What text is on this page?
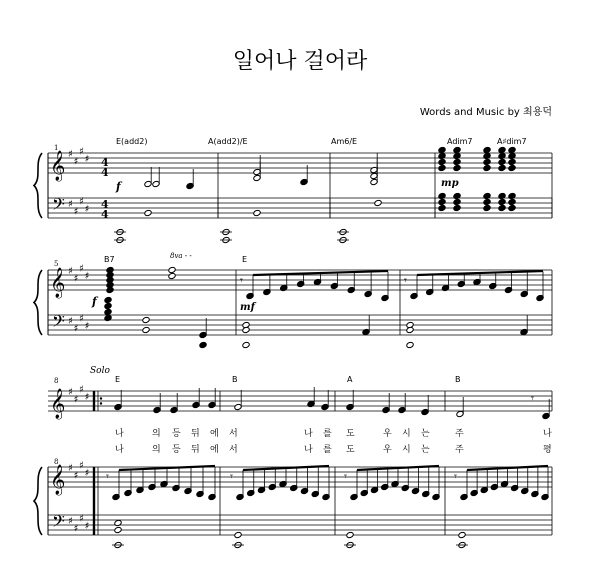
일어나 걸어라
Words and Music by 최용덕
𝄞
𝄢
♯
♯
♯
♯
♯
♯
♯
♯ 4
4
𝄞
𝄢
♯
♯
♯
♯
♯
♯
♯
♯
𝄞 ♯
♯
♯
♯
𝄞
𝄢
♯
♯
♯
♯
♯
♯
♯
♯
𝄾	𝄾
𝄾
𝄾	𝄾	𝄾	𝄾
1
4
4
E(add2)	A(add2)/E	Am6/E	Adim7	A♯dim7
f	mp
5	B7	E
8va - -
f	mf
Solo
8
8
E	B	A	B
나	의 등 뒤 에 서	나 를 도	우 시 는	주	나
나	의 등 뒤 에 서	나 를 도	우 시 는	주	평
